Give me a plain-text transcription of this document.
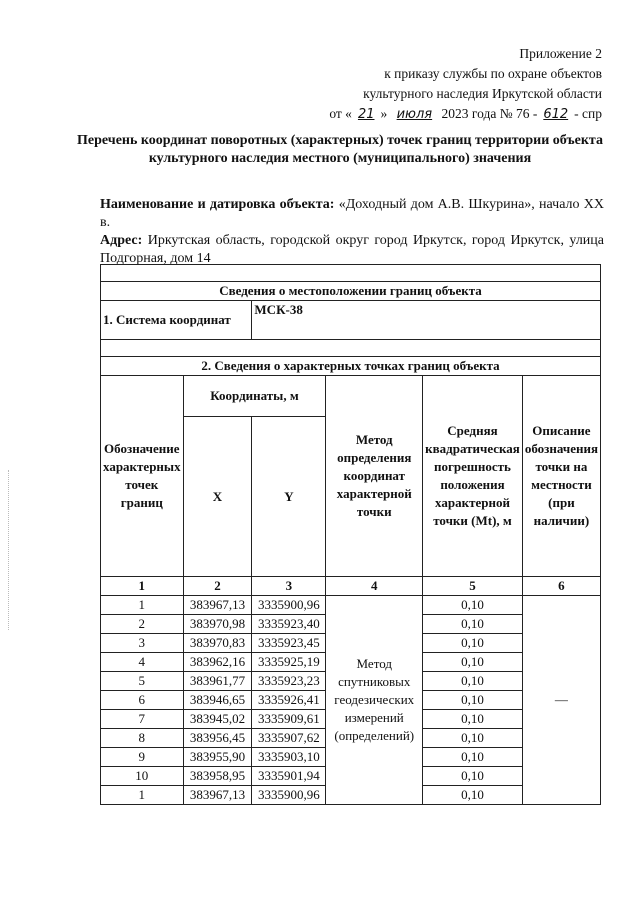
Приложение 2
к приказу службы по охране объектов
культурного наследия Иркутской области
от « 21 » июля 2023 года № 76 - 612 - спр
Перечень координат поворотных (характерных) точек границ территории объекта культурного наследия местного (муниципального) значения
Наименование и датировка объекта: «Доходный дом А.В. Шкурина», начало XX в.
Адрес: Иркутская область, городской округ город Иркутск, город Иркутск, улица Подгорная, дом 14

Сведения о местоположении границ объекта					
1. Система координат		МСК-38			

2. Сведения о характерных точках границ объекта					
Обозначение характерных точек границ	Координаты, м		Метод определения координат характерной точки	Средняя квадратическая погрешность положения характерной точки (Mt), м	Описание обозначения точки на местности (при наличии)
	X	Y			
1	2	3	4	5	6
1	383967,13	3335900,96	Метод спутниковых геодезических измерений (определений)	0,10	—
2	383970,98	3335923,40		0,10	
3	383970,83	3335923,45		0,10	
4	383962,16	3335925,19		0,10	
5	383961,77	3335923,23		0,10	
6	383946,65	3335926,41		0,10	
7	383945,02	3335909,61		0,10	
8	383956,45	3335907,62		0,10	
9	383955,90	3335903,10		0,10	
10	383958,95	3335901,94		0,10	
1	383967,13	3335900,96		0,10	
